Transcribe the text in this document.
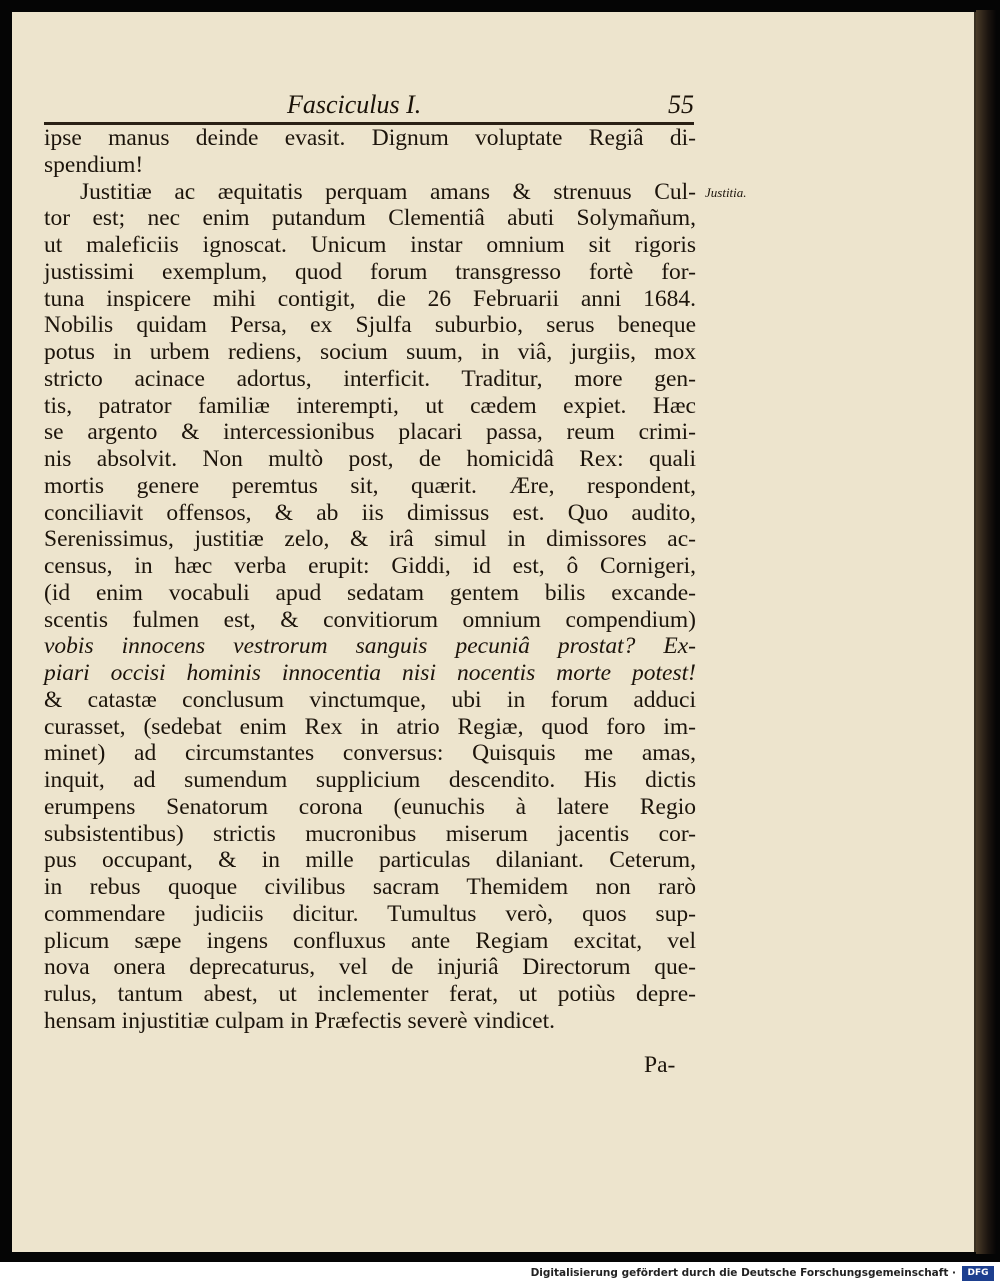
Fasciculus I.	55
Justitia.
ipse manus deinde evasit. Dignum voluptate Regiâ di-
spendium!
Justitiæ ac æquitatis perquam amans & strenuus Cul-
tor est; nec enim putandum Clementiâ abuti Solymañum,
ut maleficiis ignoscat. Unicum instar omnium sit rigoris
justissimi exemplum, quod forum transgresso fortè for-
tuna inspicere mihi contigit, die 26 Februarii anni 1684.
Nobilis quidam Persa, ex Sjulfa suburbio, serus beneque
potus in urbem rediens, socium suum, in viâ, jurgiis, mox
stricto acinace adortus, interficit. Traditur, more gen-
tis, patrator familiæ interempti, ut cædem expiet. Hæc
se argento & intercessionibus placari passa, reum crimi-
nis absolvit. Non multò post, de homicidâ Rex: quali
mortis genere peremtus sit, quærit. Ære, respondent,
conciliavit offensos, & ab iis dimissus est. Quo audito,
Serenissimus, justitiæ zelo, & irâ simul in dimissores ac-
census, in hæc verba erupit: Giddi, id est, ô Cornigeri,
(id enim vocabuli apud sedatam gentem bilis excande-
scentis fulmen est, & convitiorum omnium compendium)
vobis innocens vestrorum sanguis pecuniâ prostat? Ex-
piari occisi hominis innocentia nisi nocentis morte potest!
& catastæ conclusum vinctumque, ubi in forum adduci
curasset, (sedebat enim Rex in atrio Regiæ, quod foro im-
minet) ad circumstantes conversus: Quisquis me amas,
inquit, ad sumendum supplicium descendito. His dictis
erumpens Senatorum corona (eunuchis à latere Regio
subsistentibus) strictis mucronibus miserum jacentis cor-
pus occupant, & in mille particulas dilaniant. Ceterum,
in rebus quoque civilibus sacram Themidem non rarò
commendare judiciis dicitur. Tumultus verò, quos sup-
plicum sæpe ingens confluxus ante Regiam excitat, vel
nova onera deprecaturus, vel de injuriâ Directorum que-
rulus, tantum abest, ut inclementer ferat, ut potiùs depre-
hensam injustitiæ culpam in Præfectis severè vindicet.
Pa-
Digitalisierung gefördert durch die Deutsche Forschungsgemeinschaft ·	DFG
